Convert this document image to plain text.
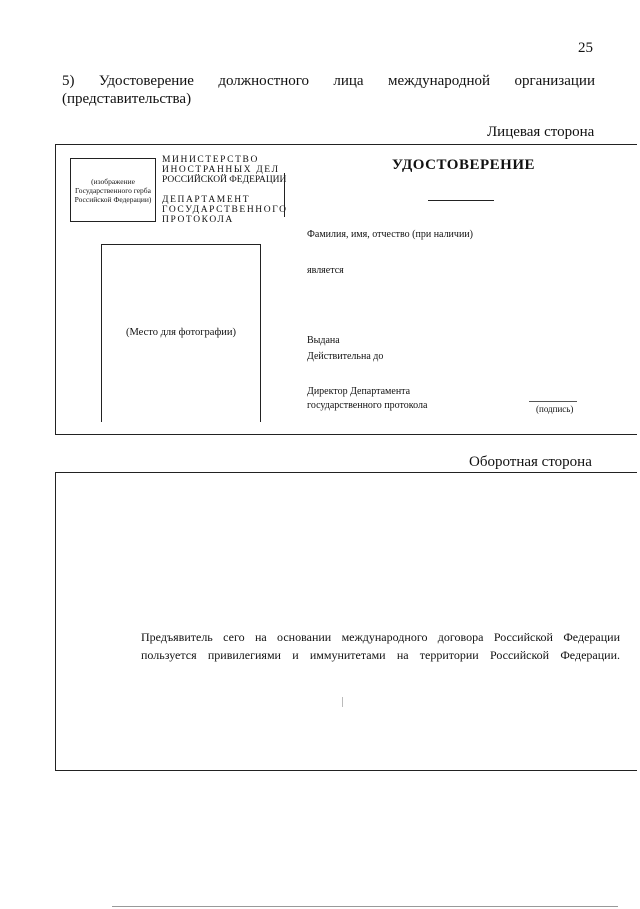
25
5) Удостоверение должностного лица международной организации
(представительства)
Лицевая сторона
(изображение Государственного герба Российской Федерации)
МИНИСТЕРСТВО
ИНОСТРАННЫХ ДЕЛ
РОССИЙСКОЙ ФЕДЕРАЦИИ
ДЕПАРТАМЕНТ
ГОСУДАРСТВЕННОГО
ПРОТОКОЛА
УДОСТОВЕРЕНИЕ
(Место для фотографии)
Фамилия, имя, отчество (при наличии)
является
Выдана
Действительна до
Директор Департамента
государственного протокола	(подпись)
Оборотная сторона
Предъявитель сего на основании международного договора Российской Федерации
пользуется привилегиями и иммунитетами на территории Российской Федерации.
